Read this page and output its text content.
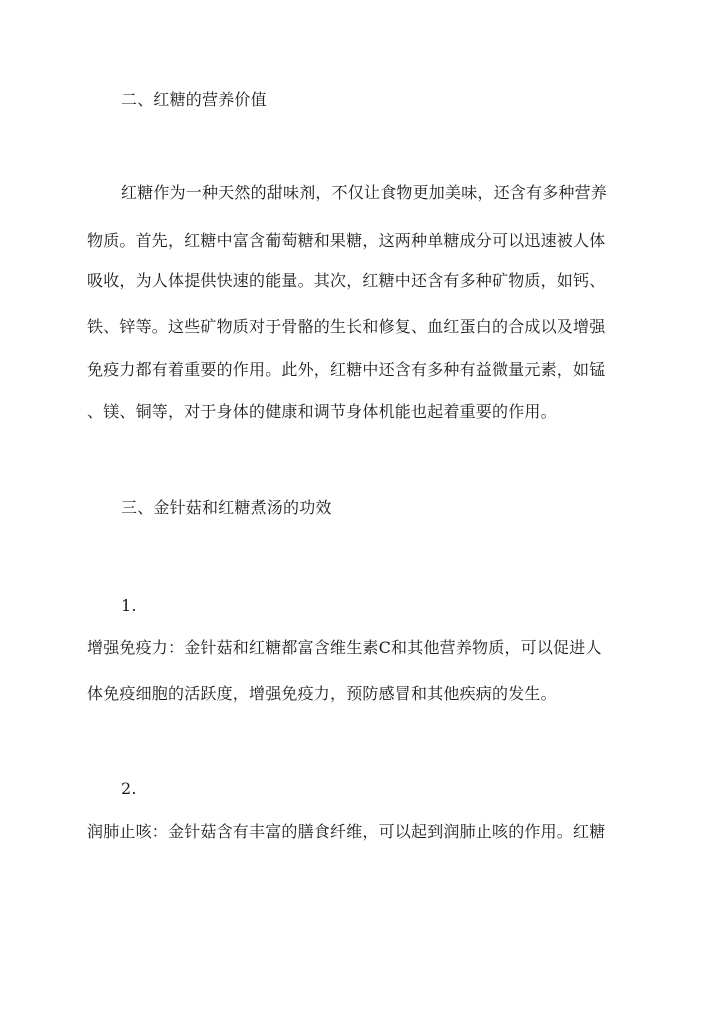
二、红糖的营养价值
红糖作为一种天然的甜味剂，不仅让食物更加美味，还含有多种营养
物质。首先，红糖中富含葡萄糖和果糖，这两种单糖成分可以迅速被人体
吸收，为人体提供快速的能量。其次，红糖中还含有多种矿物质，如钙、
铁、锌等。这些矿物质对于骨骼的生长和修复、血红蛋白的合成以及增强
免疫力都有着重要的作用。此外，红糖中还含有多种有益微量元素，如锰
、镁、铜等，对于身体的健康和调节身体机能也起着重要的作用。
三、金针菇和红糖煮汤的功效
1.
增强免疫力：金针菇和红糖都富含维生素C和其他营养物质，可以促进人
体免疫细胞的活跃度，增强免疫力，预防感冒和其他疾病的发生。
2.
润肺止咳：金针菇含有丰富的膳食纤维，可以起到润肺止咳的作用。红糖
